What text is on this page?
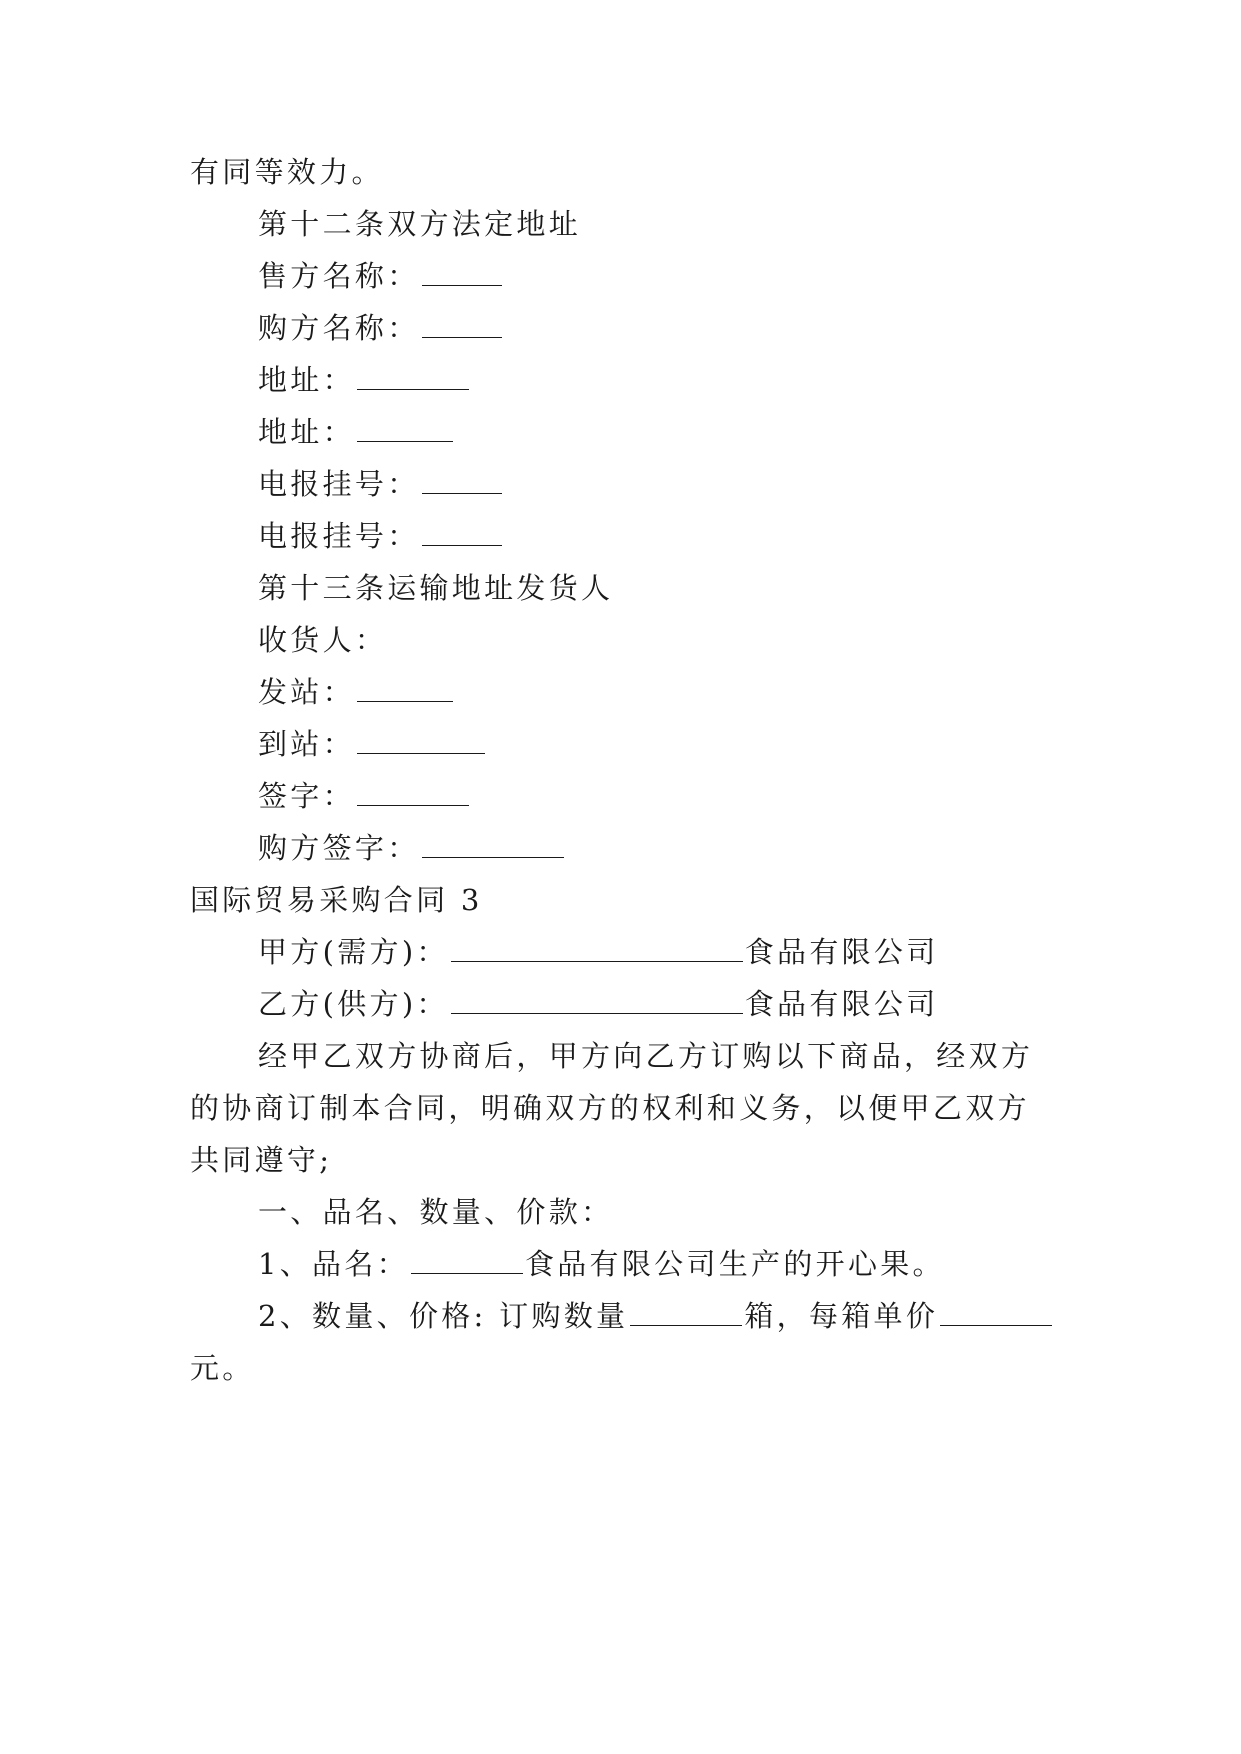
有同等效力。
第十二条双方法定地址
售方名称：
购方名称：
地址：
地址：
电报挂号：
电报挂号：
第十三条运输地址发货人
收货人：
发站：
到站：
签字：
购方签字：
国际贸易采购合同 3
甲方(需方)：	食品有限公司
乙方(供方)：	食品有限公司
经甲乙双方协商后，甲方向乙方订购以下商品，经双方
的协商订制本合同，明确双方的权利和义务，以便甲乙双方
共同遵守;
一、品名、数量、价款：
1、品名：	食品有限公司生产的开心果。
2、数量、价格: 订购数量	箱，每箱单价
元。
